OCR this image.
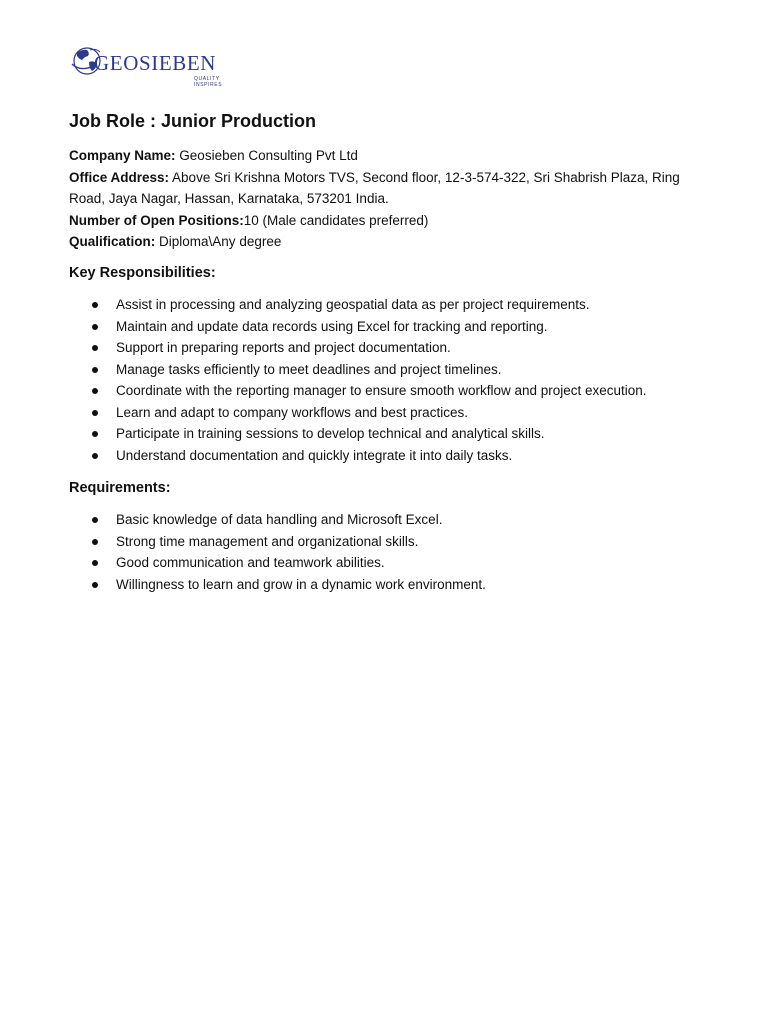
GEOSIEBEN
QUALITY INSPIRES
Job Role : Junior Production

Company Name: Geosieben Consulting Pvt Ltd

Office Address: Above Sri Krishna Motors TVS, Second floor, 12-3-574-322, Sri Shabrish Plaza, Ring Road, Jaya Nagar, Hassan, Karnataka, 573201 India.

Number of Open Positions:10 (Male candidates preferred)

Qualification: Diploma\Any degree

Key Responsibilities:
Assist in processing and analyzing geospatial data as per project requirements.
Maintain and update data records using Excel for tracking and reporting.
Support in preparing reports and project documentation.
Manage tasks efficiently to meet deadlines and project timelines.
Coordinate with the reporting manager to ensure smooth workflow and project execution.
Learn and adapt to company workflows and best practices.
Participate in training sessions to develop technical and analytical skills.
Understand documentation and quickly integrate it into daily tasks.
Requirements:
Basic knowledge of data handling and Microsoft Excel.
Strong time management and organizational skills.
Good communication and teamwork abilities.
Willingness to learn and grow in a dynamic work environment.
